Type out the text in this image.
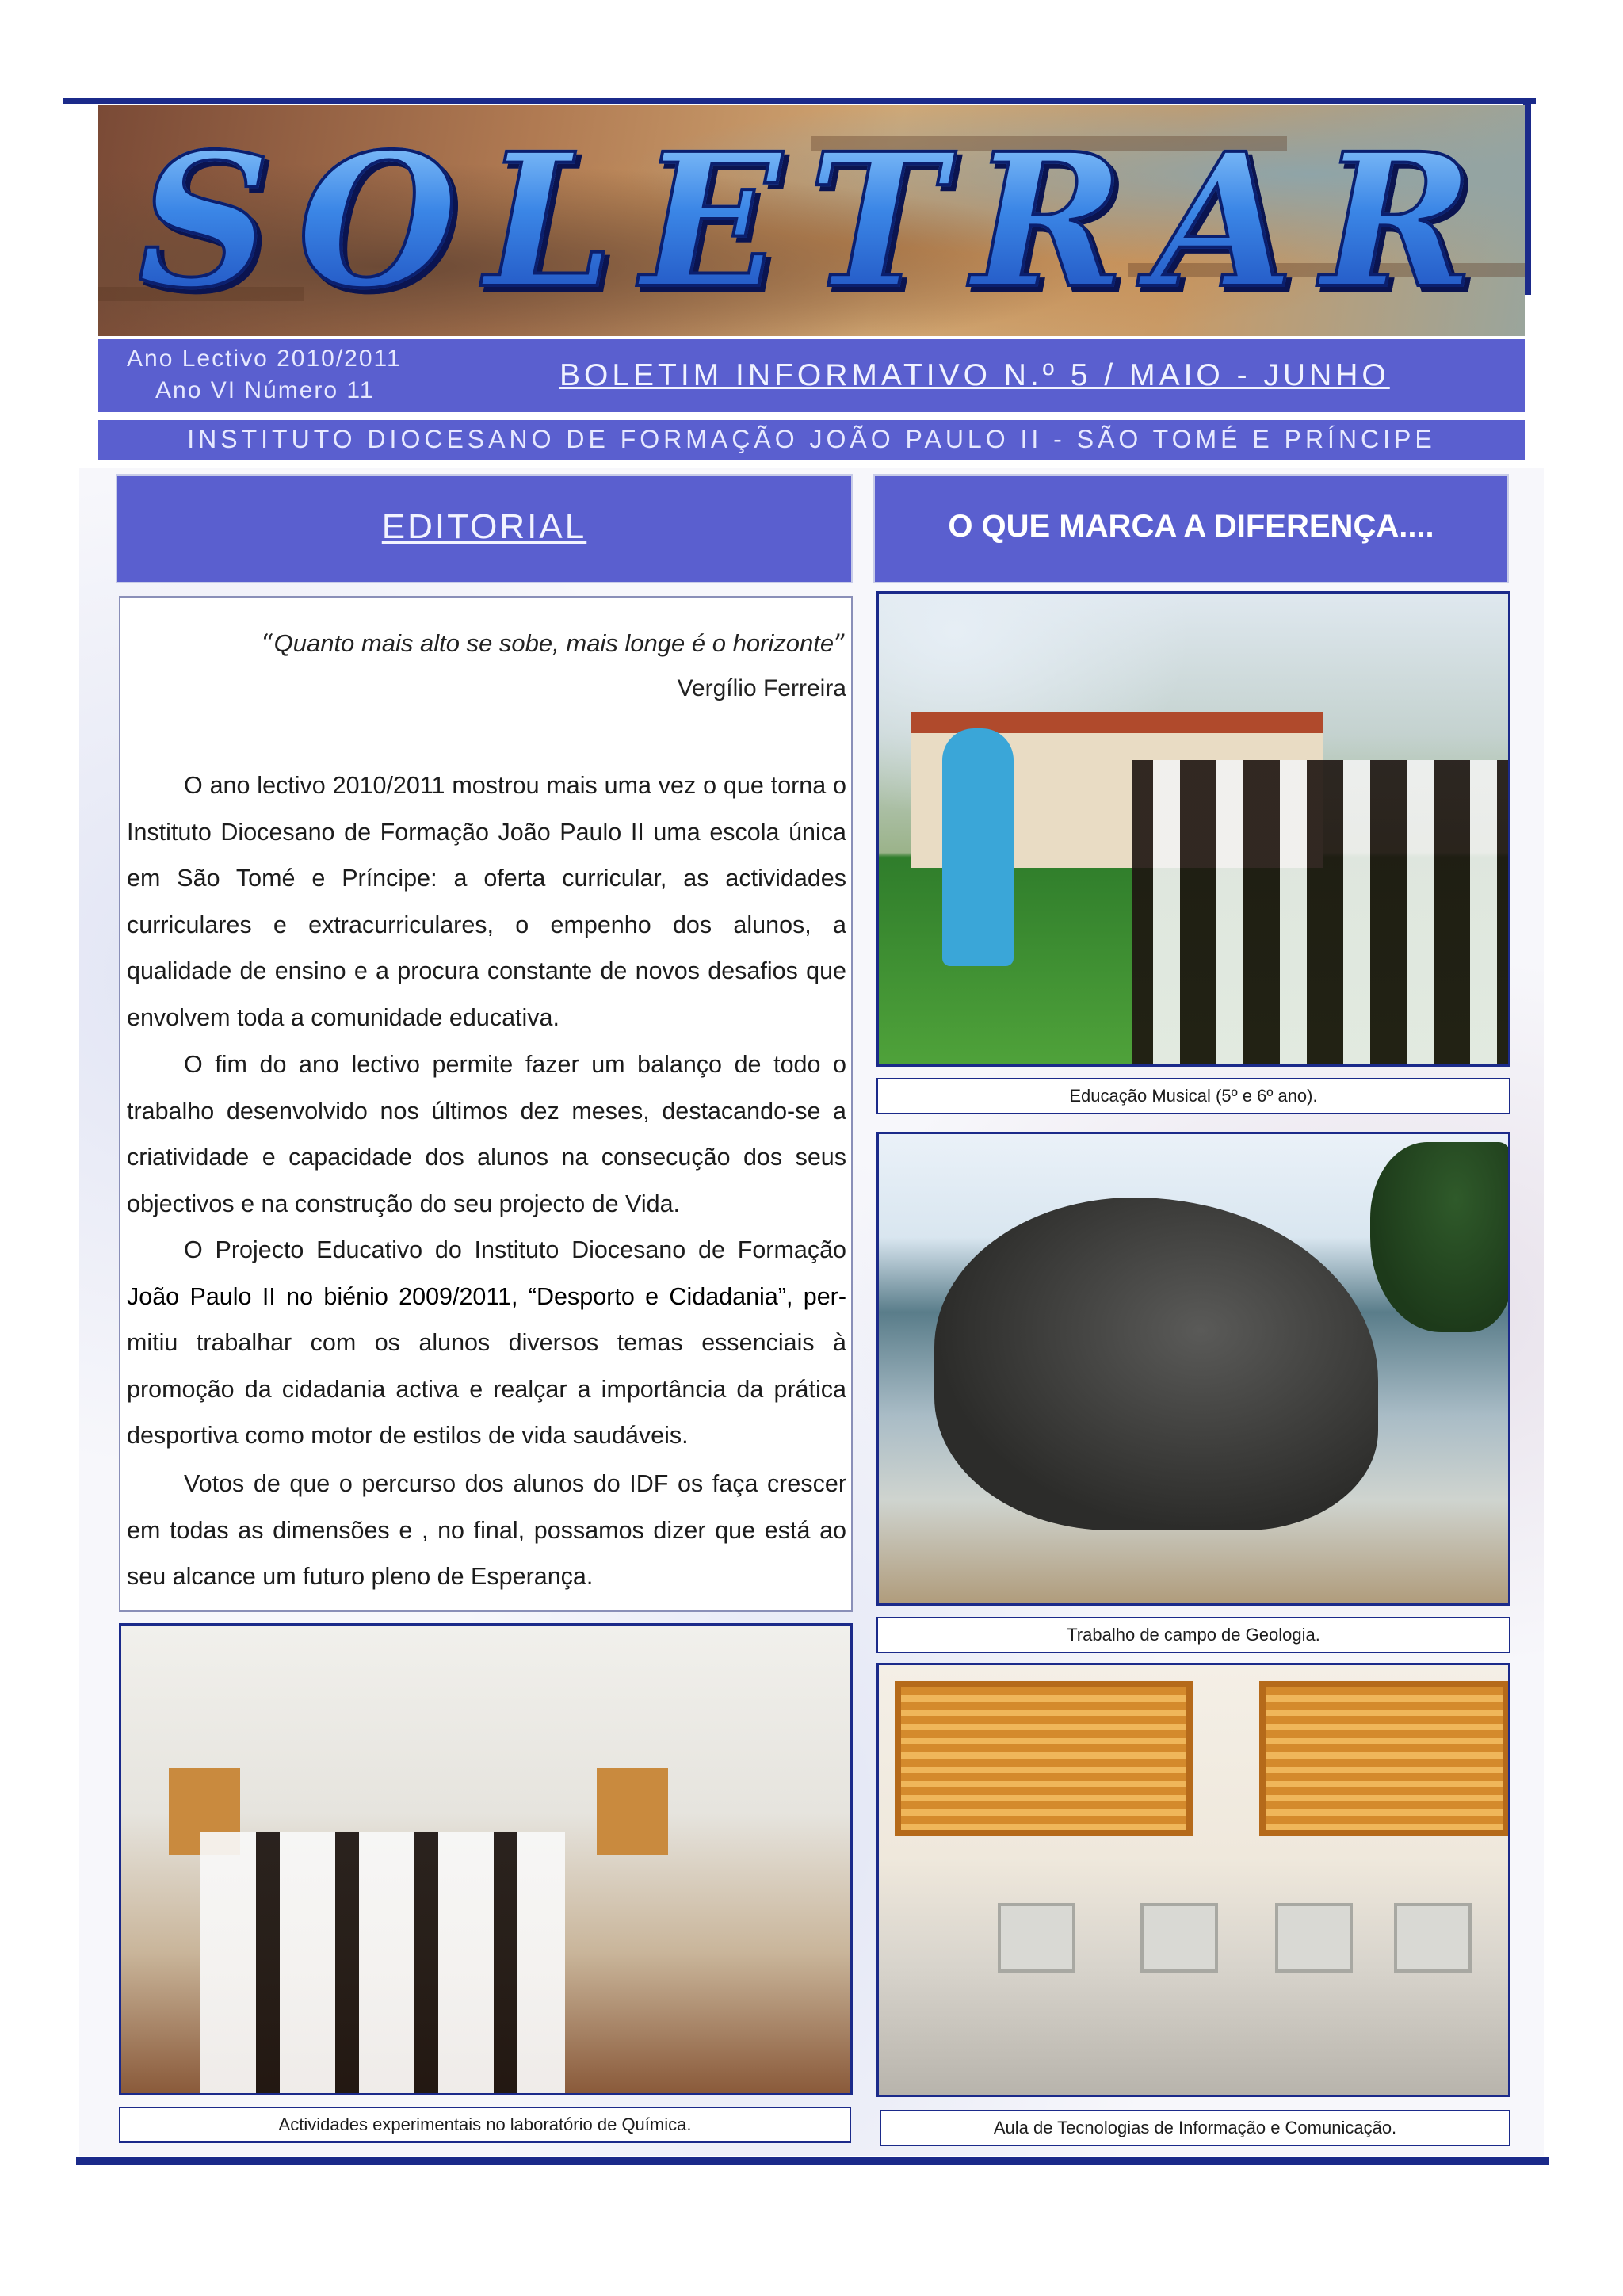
SOLETRAR
Ano Lectivo 2010/2011
Ano VI Número 11	BOLETIM INFORMATIVO N.º 5 / MAIO - JUNHO
INSTITUTO DIOCESANO DE FORMAÇÃO JOÃO PAULO II - SÃO TOMÉ E PRÍNCIPE
EDITORIAL	O QUE MARCA A DIFERENÇA....
“Quanto mais alto se sobe, mais longe é o horizonte”
Vergílio Ferreira

O ano lectivo 2010/2011 mostrou mais uma vez o que torna o Instituto Diocesano de Formação João Paulo II uma escola única em São Tomé e Príncipe: a oferta curricular, as actividades curriculares e extracurriculares, o empenho dos alunos, a qualidade de ensino e a procura constante de novos desafios que envolvem toda a comunidade educativa.

O fim do ano lectivo permite fazer um balanço de todo o trabalho desenvolvido nos últimos dez meses, destacando-se a criatividade e capacidade dos alunos na consecução dos seus objectivos e na construção do seu projecto de Vida.

O Projecto Educativo do Instituto Diocesano de Formação João Paulo II no biénio 2009/2011, “Desporto e Cidadania”, per-mitiu trabalhar com os alunos diversos temas essenciais à promoção da cidadania activa e realçar a importância da prática desportiva como motor de estilos de vida saudáveis.

Votos de que o percurso dos alunos do IDF os faça crescer em todas as dimensões e , no final, possamos dizer que está ao seu alcance um futuro pleno de Esperança.

Educação Musical (5º e 6º ano).
Trabalho de campo de Geologia.
Actividades experimentais no laboratório de Química.	Aula de Tecnologias de Informação e Comunicação.
